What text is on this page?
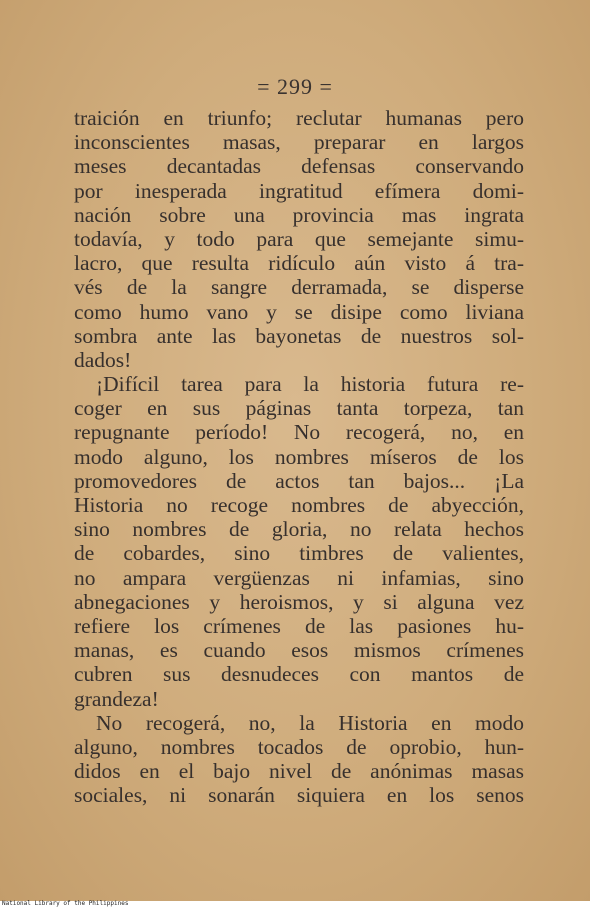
= 299 =
traición en triunfo; reclutar humanas pero
inconscientes masas, preparar en largos
meses decantadas defensas conservando
por inesperada ingratitud efímera domi-
nación sobre una provincia mas ingrata
todavía, y todo para que semejante simu-
lacro, que resulta ridículo aún visto á tra-
vés de la sangre derramada, se disperse
como humo vano y se disipe como liviana
sombra ante las bayonetas de nuestros sol-
dados!
¡Difícil tarea para la historia futura re-
coger en sus páginas tanta torpeza, tan
repugnante período! No recogerá, no, en
modo alguno, los nombres míseros de los
promovedores de actos tan bajos... ¡La
Historia no recoge nombres de abyección,
sino nombres de gloria, no relata hechos
de cobardes, sino timbres de valientes,
no ampara vergüenzas ni infamias, sino
abnegaciones y heroismos, y si alguna vez
refiere los crímenes de las pasiones hu-
manas, es cuando esos mismos crímenes
cubren sus desnudeces con mantos de
grandeza!
No recogerá, no, la Historia en modo
alguno, nombres tocados de oprobio, hun-
didos en el bajo nivel de anónimas masas
sociales, ni sonarán siquiera en los senos
National Library of the Philippines
